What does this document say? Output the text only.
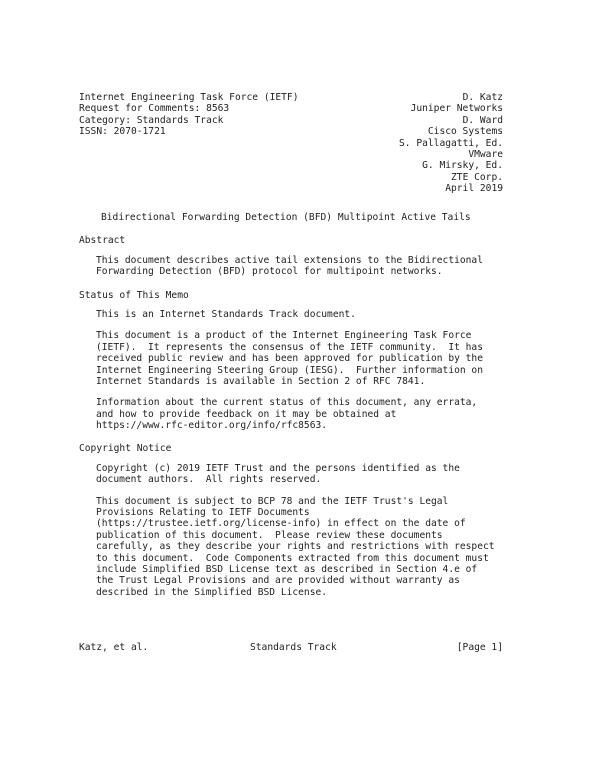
Internet Engineering Task Force (IETF)
Request for Comments: 8563
Category: Standards Track
ISSN: 2070-1721
D. Katz
Juniper Networks
D. Ward
Cisco Systems
S. Pallagatti, Ed.
VMware
G. Mirsky, Ed.
ZTE Corp.
April 2019
Bidirectional Forwarding Detection (BFD) Multipoint Active Tails
Abstract
This document describes active tail extensions to the Bidirectional
Forwarding Detection (BFD) protocol for multipoint networks.
Status of This Memo
This is an Internet Standards Track document.
This document is a product of the Internet Engineering Task Force
(IETF).  It represents the consensus of the IETF community.  It has
received public review and has been approved for publication by the
Internet Engineering Steering Group (IESG).  Further information on
Internet Standards is available in Section 2 of RFC 7841.
Information about the current status of this document, any errata,
and how to provide feedback on it may be obtained at
https://www.rfc-editor.org/info/rfc8563.
Copyright Notice
Copyright (c) 2019 IETF Trust and the persons identified as the
document authors.  All rights reserved.
This document is subject to BCP 78 and the IETF Trust's Legal
Provisions Relating to IETF Documents
(https://trustee.ietf.org/license-info) in effect on the date of
publication of this document.  Please review these documents
carefully, as they describe your rights and restrictions with respect
to this document.  Code Components extracted from this document must
include Simplified BSD License text as described in Section 4.e of
the Trust Legal Provisions and are provided without warranty as
described in the Simplified BSD License.
Katz, et al.	Standards Track	[Page 1]
